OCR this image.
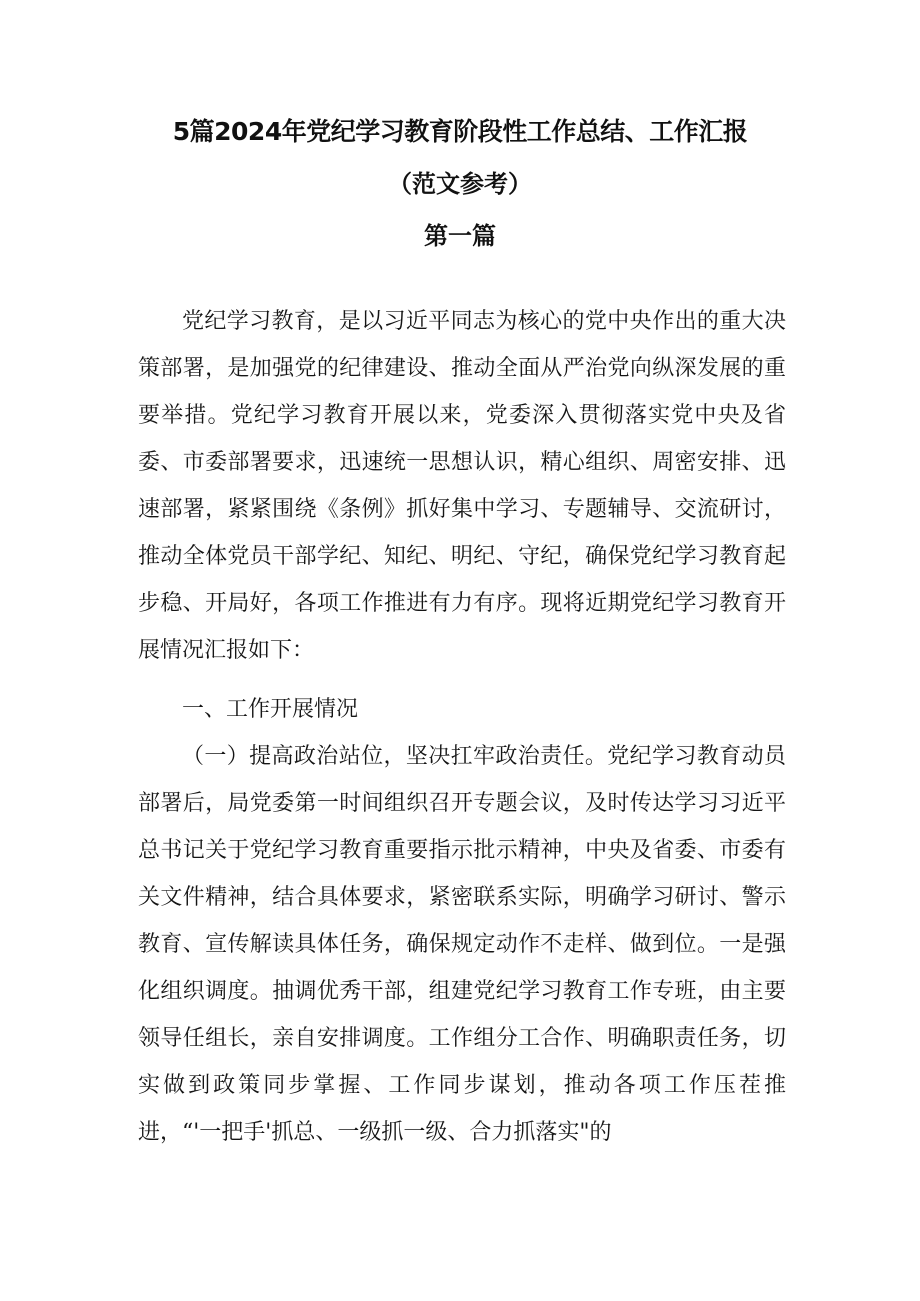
5篇2024年党纪学习教育阶段性工作总结、工作汇报
（范文参考）
第一篇

党纪学习教育，是以习近平同志为核心的党中央作出的重大决策部署，是加强党的纪律建设、推动全面从严治党向纵深发展的重要举措。党纪学习教育开展以来，党委深入贯彻落实党中央及省委、市委部署要求，迅速统一思想认识，精心组织、周密安排、迅速部署，紧紧围绕《条例》抓好集中学习、专题辅导、交流研讨，推动全体党员干部学纪、知纪、明纪、守纪，确保党纪学习教育起步稳、开局好，各项工作推进有力有序。现将近期党纪学习教育开展情况汇报如下：

一、工作开展情况

（一）提高政治站位，坚决扛牢政治责任。党纪学习教育动员部署后，局党委第一时间组织召开专题会议，及时传达学习习近平总书记关于党纪学习教育重要指示批示精神，中央及省委、市委有关文件精神，结合具体要求，紧密联系实际，明确学习研讨、警示教育、宣传解读具体任务，确保规定动作不走样、做到位。一是强化组织调度。抽调优秀干部，组建党纪学习教育工作专班，由主要领导任组长，亲自安排调度。工作组分工合作、明确职责任务，切实做到政策同步掌握、工作同步谋划，推动各项工作压茬推进，“'一把手'抓总、一级抓一级、合力抓落实"的
